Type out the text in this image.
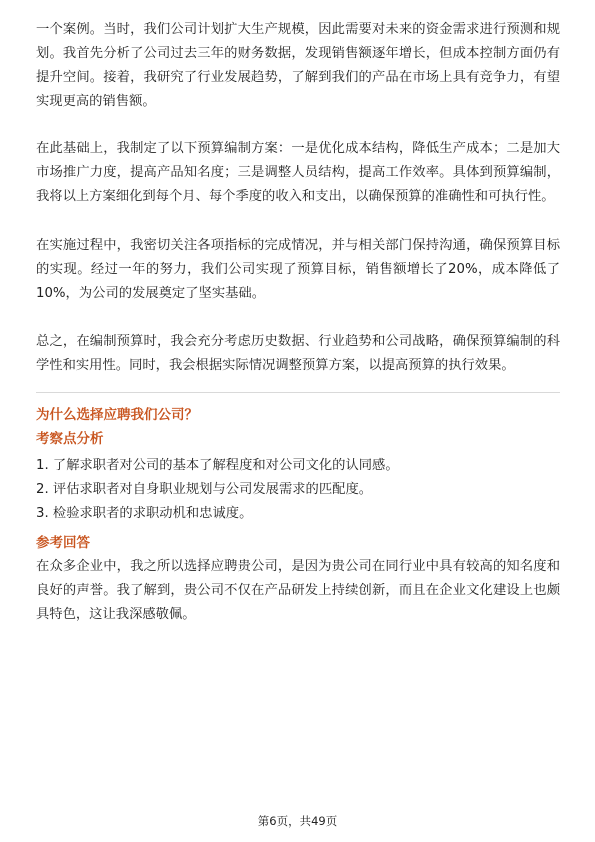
一个案例。当时，我们公司计划扩大生产规模，因此需要对未来的资金需求进行预测和规划。我首先分析了公司过去三年的财务数据，发现销售额逐年增长，但成本控制方面仍有提升空间。接着，我研究了行业发展趋势，了解到我们的产品在市场上具有竞争力，有望实现更高的销售额。

在此基础上，我制定了以下预算编制方案：一是优化成本结构，降低生产成本；二是加大市场推广力度，提高产品知名度；三是调整人员结构，提高工作效率。具体到预算编制，我将以上方案细化到每个月、每个季度的收入和支出，以确保预算的准确性和可执行性。

在实施过程中，我密切关注各项指标的完成情况，并与相关部门保持沟通，确保预算目标的实现。经过一年的努力，我们公司实现了预算目标，销售额增长了20%，成本降低了10%，为公司的发展奠定了坚实基础。

总之，在编制预算时，我会充分考虑历史数据、行业趋势和公司战略，确保预算编制的科学性和实用性。同时，我会根据实际情况调整预算方案，以提高预算的执行效果。

为什么选择应聘我们公司？
考察点分析
1. 了解求职者对公司的基本了解程度和对公司文化的认同感。
2. 评估求职者对自身职业规划与公司发展需求的匹配度。
3. 检验求职者的求职动机和忠诚度。
参考回答

在众多企业中，我之所以选择应聘贵公司，是因为贵公司在同行业中具有较高的知名度和良好的声誉。我了解到，贵公司不仅在产品研发上持续创新，而且在企业文化建设上也颇具特色，这让我深感敬佩。

第6页，共49页
